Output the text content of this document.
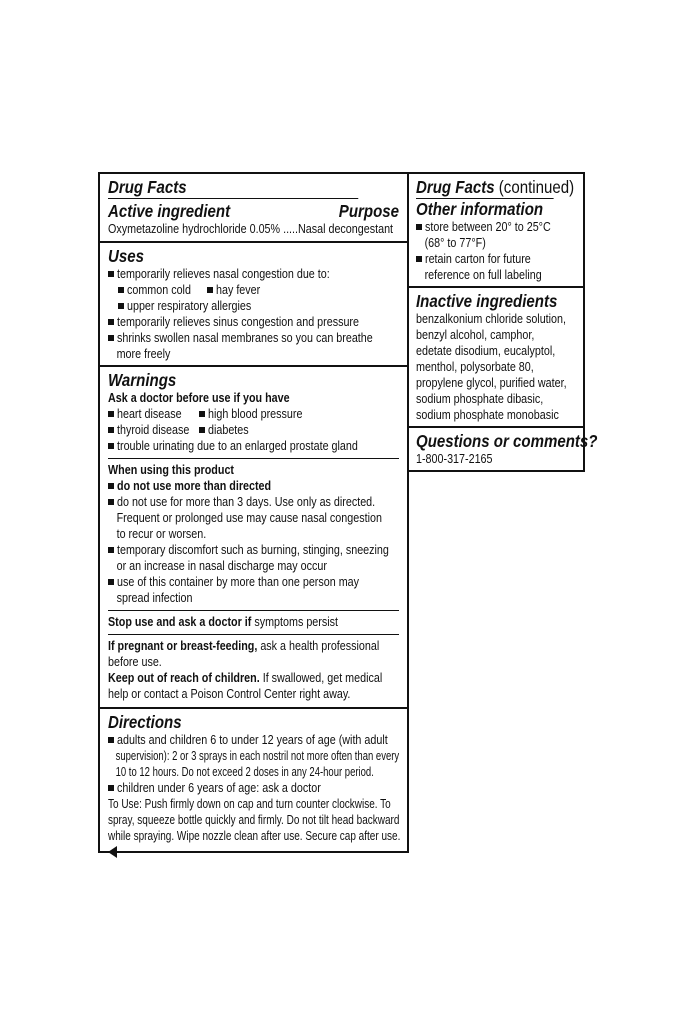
Drug Facts
Active ingredient	Purpose
Oxymetazoline hydrochloride 0.05% .....Nasal decongestant
Uses
temporarily relieves nasal congestion due to:
common cold	hay fever
upper respiratory allergies
temporarily relieves sinus congestion and pressure
shrinks swollen nasal membranes so you can breathe
more freely
Warnings
Ask a doctor before use if you have
heart disease	high blood pressure
thyroid disease diabetes
trouble urinating due to an enlarged prostate gland
When using this product
do not use more than directed
do not use for more than 3 days. Use only as directed.
Frequent or prolonged use may cause nasal congestion
to recur or worsen.
temporary discomfort such as burning, stinging, sneezing
or an increase in nasal discharge may occur
use of this container by more than one person may
spread infection
Stop use and ask a doctor if symptoms persist
If pregnant or breast-feeding, ask a health professional
before use.
Keep out of reach of children. If swallowed, get medical
help or contact a Poison Control Center right away.
Directions
adults and children 6 to under 12 years of age (with adult
supervision): 2 or 3 sprays in each nostril not more often than every
10 to 12 hours. Do not exceed 2 doses in any 24-hour period.
children under 6 years of age: ask a doctor
To Use: Push firmly down on cap and turn counter clockwise. To
spray, squeeze bottle quickly and firmly. Do not tilt head backward
while spraying. Wipe nozzle clean after use. Secure cap after use.
Drug Facts (continued)
Other information
store between 20° to 25°C
(68° to 77°F)
retain carton for future
reference on full labeling
Inactive ingredients
benzalkonium chloride solution,
benzyl alcohol, camphor,
edetate disodium, eucalyptol,
menthol, polysorbate 80,
propylene glycol, purified water,
sodium phosphate dibasic,
sodium phosphate monobasic
Questions or comments?
1-800-317-2165
